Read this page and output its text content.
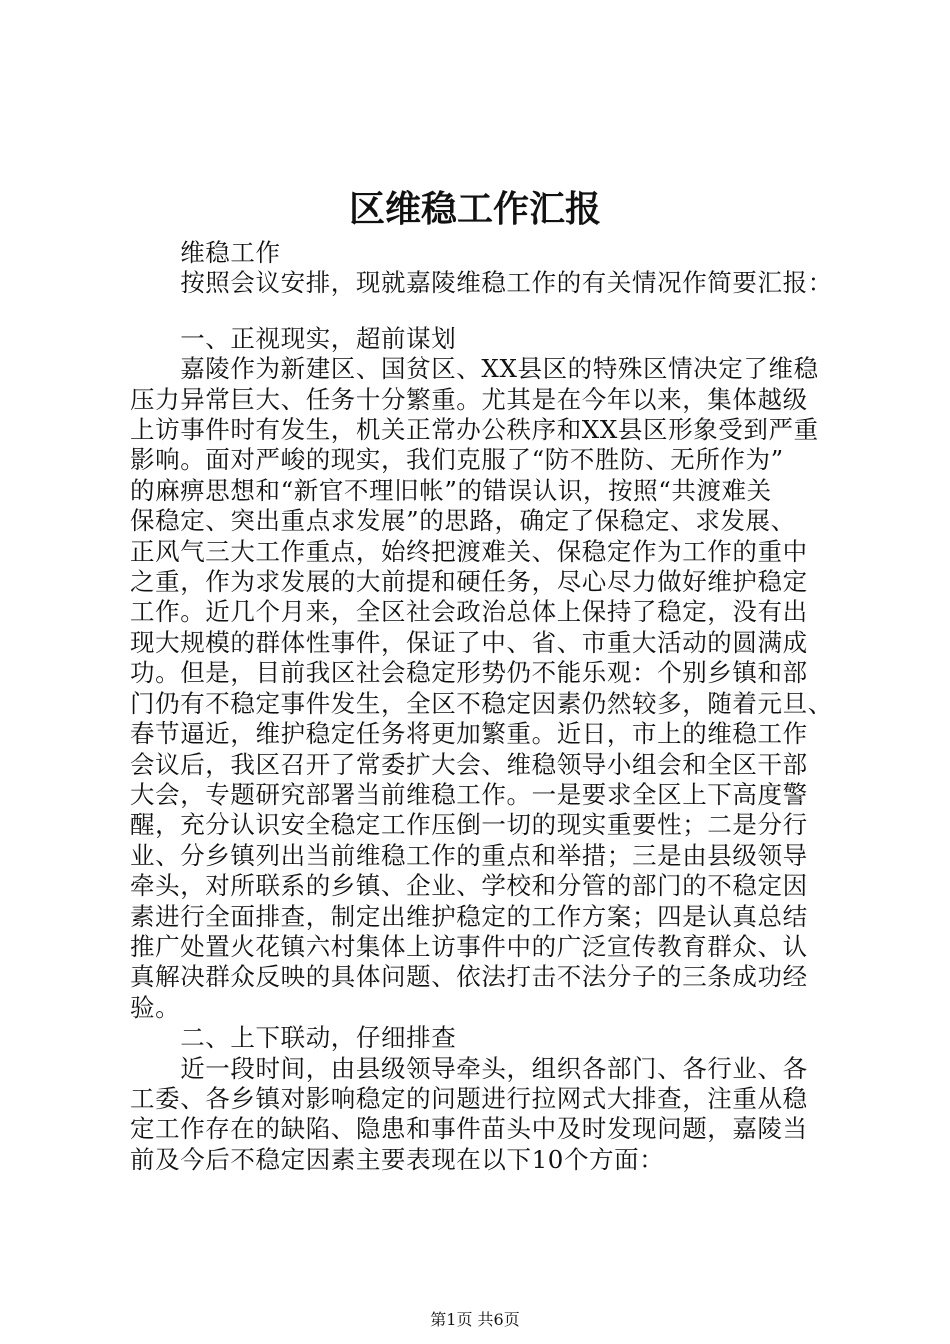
区维稳工作汇报
　　维稳工作
　　按照会议安排，现就嘉陵维稳工作的有关情况作简要汇报：
　　一、正视现实，超前谋划
　　嘉陵作为新建区、国贫区、XX县区的特殊区情决定了维稳
压力异常巨大、任务十分繁重。尤其是在今年以来，集体越级
上访事件时有发生，机关正常办公秩序和XX县区形象受到严重
影响。面对严峻的现实，我们克服了“防不胜防、无所作为”
的麻痹思想和“新官不理旧帐”的错误认识，按照“共渡难关
保稳定、突出重点求发展”的思路，确定了保稳定、求发展、
正风气三大工作重点，始终把渡难关、保稳定作为工作的重中
之重，作为求发展的大前提和硬任务，尽心尽力做好维护稳定
工作。近几个月来，全区社会政治总体上保持了稳定，没有出
现大规模的群体性事件，保证了中、省、市重大活动的圆满成
功。但是，目前我区社会稳定形势仍不能乐观：个别乡镇和部
门仍有不稳定事件发生，全区不稳定因素仍然较多，随着元旦、
春节逼近，维护稳定任务将更加繁重。近日，市上的维稳工作
会议后，我区召开了常委扩大会、维稳领导小组会和全区干部
大会，专题研究部署当前维稳工作。一是要求全区上下高度警
醒，充分认识安全稳定工作压倒一切的现实重要性；二是分行
业、分乡镇列出当前维稳工作的重点和举措；三是由县级领导
牵头，对所联系的乡镇、企业、学校和分管的部门的不稳定因
素进行全面排查，制定出维护稳定的工作方案；四是认真总结
推广处置火花镇六村集体上访事件中的广泛宣传教育群众、认
真解决群众反映的具体问题、依法打击不法分子的三条成功经
验。
　　二、上下联动，仔细排查
　　近一段时间，由县级领导牵头，组织各部门、各行业、各
工委、各乡镇对影响稳定的问题进行拉网式大排查，注重从稳
定工作存在的缺陷、隐患和事件苗头中及时发现问题，嘉陵当
前及今后不稳定因素主要表现在以下10个方面：
第1页 共6页
